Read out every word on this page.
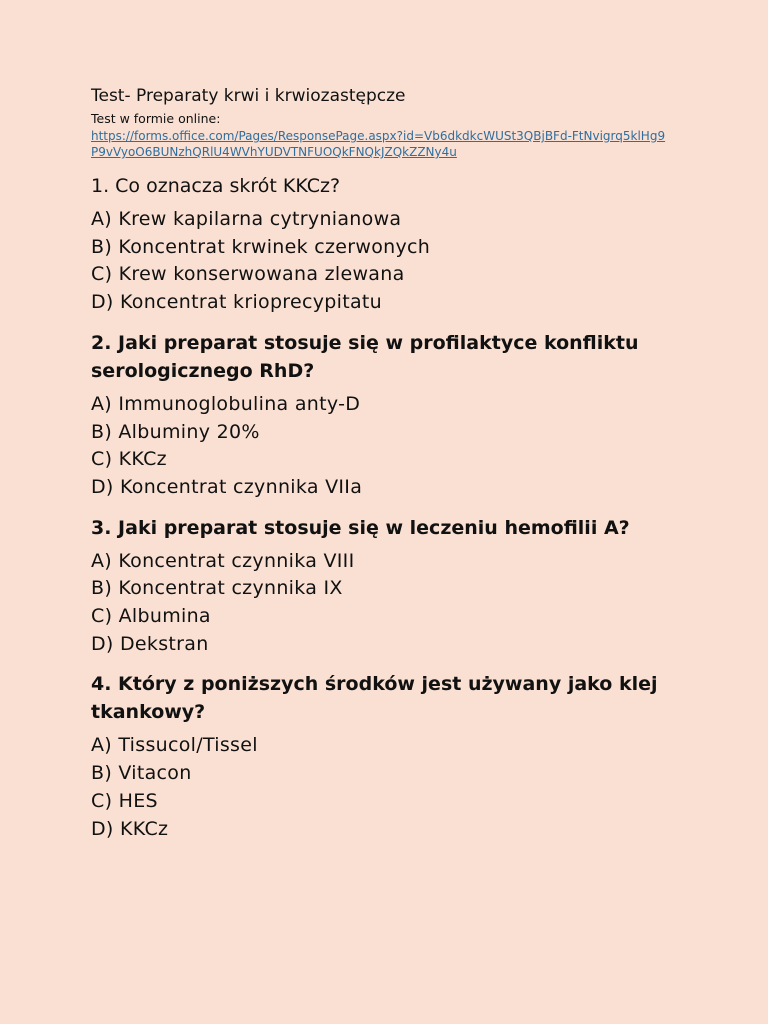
Test- Preparaty krwi i krwiozastępcze
Test w formie online:
https://forms.office.com/Pages/ResponsePage.aspx?id=Vb6dkdkcWUSt3QBjBFd-FtNvigrq5klHg9P9vVyoO6BUNzhQRlU4WVhYUDVTNFUOQkFNQkJZQkZZNy4u

1. Co oznacza skrót KKCz?

A) Krew kapilarna cytrynianowa
B) Koncentrat krwinek czerwonych
C) Krew konserwowana zlewana
D) Koncentrat krioprecypitatu

2. Jaki preparat stosuje się w profilaktyce konfliktu serologicznego RhD?

A) Immunoglobulina anty-D
B) Albuminy 20%
C) KKCz
D) Koncentrat czynnika VIIa

3. Jaki preparat stosuje się w leczeniu hemofilii A?

A) Koncentrat czynnika VIII
B) Koncentrat czynnika IX
C) Albumina
D) Dekstran

4. Który z poniższych środków jest używany jako klej tkankowy?

A) Tissucol/Tissel
B) Vitacon
C) HES
D) KKCz
